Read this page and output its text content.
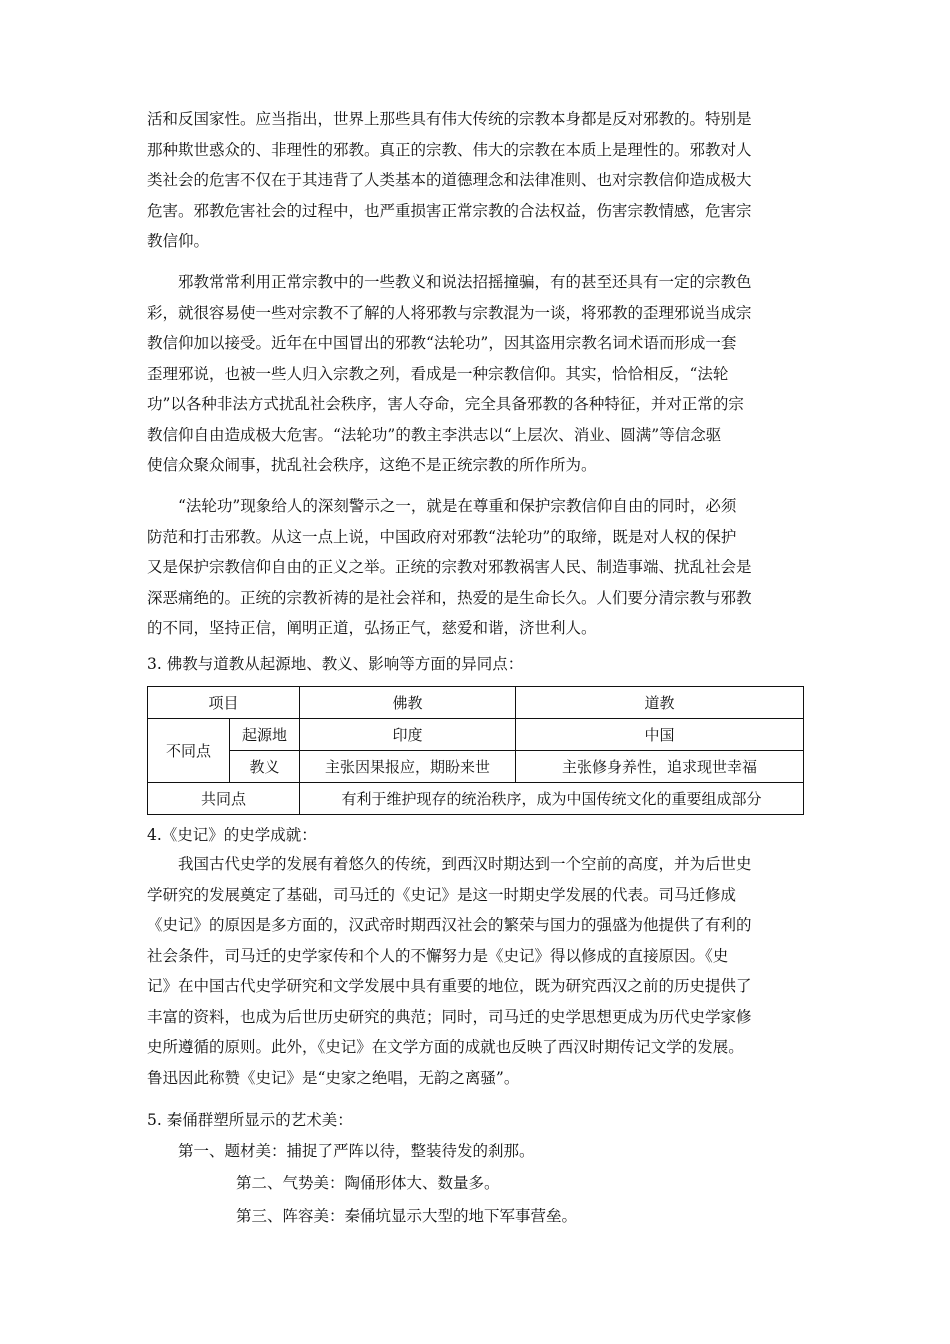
活和反国家性。应当指出，世界上那些具有伟大传统的宗教本身都是反对邪教的。特别是

那种欺世惑众的、非理性的邪教。真正的宗教、伟大的宗教在本质上是理性的。邪教对人

类社会的危害不仅在于其违背了人类基本的道德理念和法律准则、也对宗教信仰造成极大

危害。邪教危害社会的过程中，也严重损害正常宗教的合法权益，伤害宗教情感，危害宗

教信仰。

邪教常常利用正常宗教中的一些教义和说法招摇撞骗，有的甚至还具有一定的宗教色

彩，就很容易使一些对宗教不了解的人将邪教与宗教混为一谈，将邪教的歪理邪说当成宗

教信仰加以接受。近年在中国冒出的邪教“法轮功”，因其盗用宗教名词术语而形成一套

歪理邪说，也被一些人归入宗教之列，看成是一种宗教信仰。其实，恰恰相反，“法轮

功”以各种非法方式扰乱社会秩序，害人夺命，完全具备邪教的各种特征，并对正常的宗

教信仰自由造成极大危害。“法轮功”的教主李洪志以“上层次、消业、圆满”等信念驱

使信众聚众闹事，扰乱社会秩序，这绝不是正统宗教的所作所为。

“法轮功”现象给人的深刻警示之一，就是在尊重和保护宗教信仰自由的同时，必须

防范和打击邪教。从这一点上说，中国政府对邪教“法轮功”的取缔，既是对人权的保护

又是保护宗教信仰自由的正义之举。正统的宗教对邪教祸害人民、制造事端、扰乱社会是

深恶痛绝的。正统的宗教祈祷的是社会祥和，热爱的是生命长久。人们要分清宗教与邪教

的不同，坚持正信，阐明正道，弘扬正气，慈爱和谐，济世利人。

3. 佛教与道教从起源地、教义、影响等方面的异同点：
项目		佛教	道教
不同点	起源地	印度	中国
	教义	主张因果报应，期盼来世	主张修身养性，追求现世幸福
共同点		有利于维护现存的统治秩序，成为中国传统文化的重要组成部分	
4.《史记》的史学成就：

我国古代史学的发展有着悠久的传统，到西汉时期达到一个空前的高度，并为后世史

学研究的发展奠定了基础，司马迁的《史记》是这一时期史学发展的代表。司马迁修成

《史记》的原因是多方面的，汉武帝时期西汉社会的繁荣与国力的强盛为他提供了有利的

社会条件，司马迁的史学家传和个人的不懈努力是《史记》得以修成的直接原因。《史

记》在中国古代史学研究和文学发展中具有重要的地位，既为研究西汉之前的历史提供了

丰富的资料，也成为后世历史研究的典范；同时，司马迁的史学思想更成为历代史学家修

史所遵循的原则。此外，《史记》在文学方面的成就也反映了西汉时期传记文学的发展。

鲁迅因此称赞《史记》是“史家之绝唱，无韵之离骚”。

5. 秦俑群塑所显示的艺术美：
第一、题材美：捕捉了严阵以待，整装待发的刹那。
第二、气势美：陶俑形体大、数量多。
第三、阵容美：秦俑坑显示大型的地下军事营垒。
